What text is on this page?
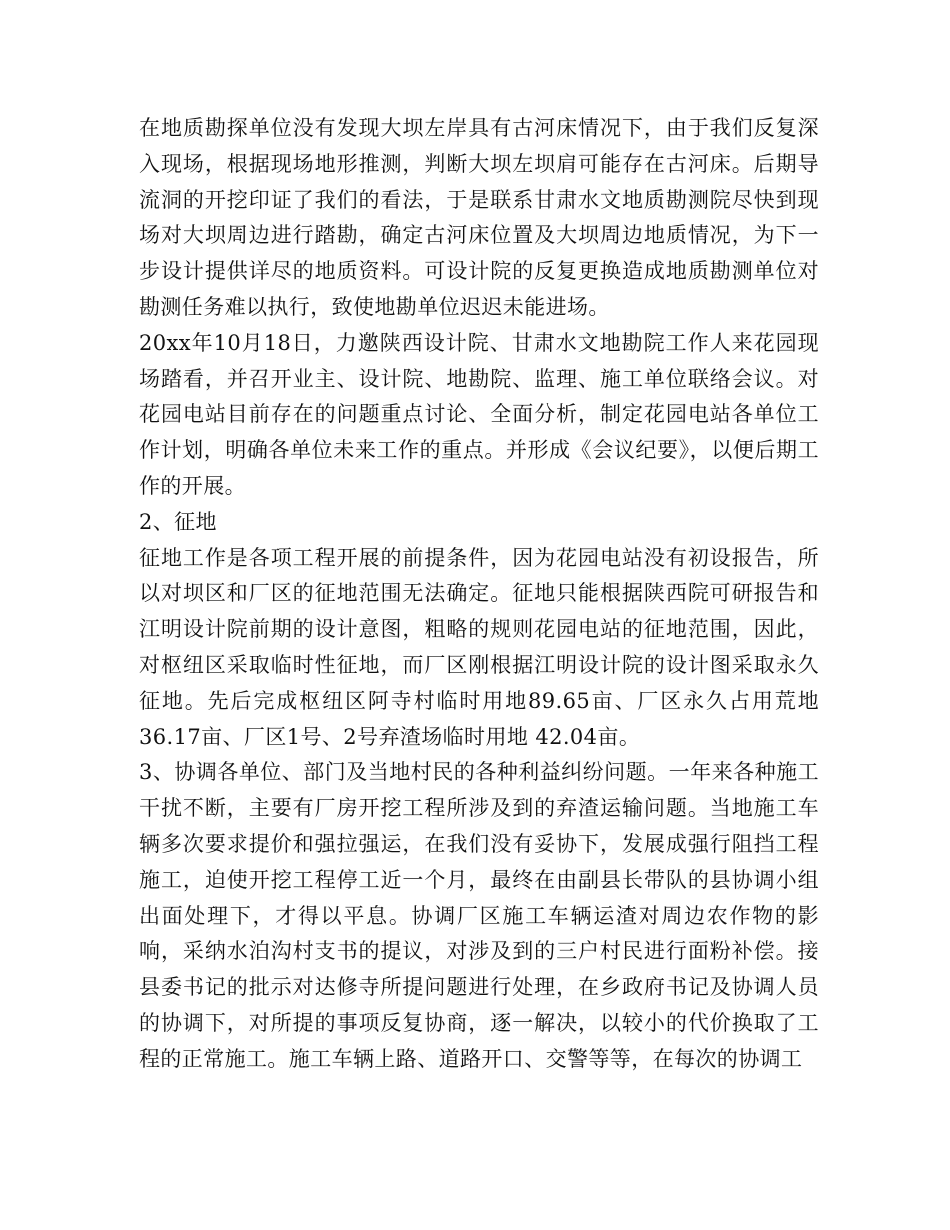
在地质勘探单位没有发现大坝左岸具有古河床情况下，由于我们反复深入现场，根据现场地形推测，判断大坝左坝肩可能存在古河床。后期导流洞的开挖印证了我们的看法，于是联系甘肃水文地质勘测院尽快到现场对大坝周边进行踏勘，确定古河床位置及大坝周边地质情况，为下一步设计提供详尽的地质资料。可设计院的反复更换造成地质勘测单位对勘测任务难以执行，致使地勘单位迟迟未能进场。

20xx年10月18日，力邀陕西设计院、甘肃水文地勘院工作人来花园现场踏看，并召开业主、设计院、地勘院、监理、施工单位联络会议。对花园电站目前存在的问题重点讨论、全面分析，制定花园电站各单位工作计划，明确各单位未来工作的重点。并形成《会议纪要》，以便后期工作的开展。

2、征地

征地工作是各项工程开展的前提条件，因为花园电站没有初设报告，所以对坝区和厂区的征地范围无法确定。征地只能根据陕西院可研报告和江明设计院前期的设计意图，粗略的规则花园电站的征地范围，因此，对枢纽区采取临时性征地，而厂区刚根据江明设计院的设计图采取永久征地。先后完成枢纽区阿寺村临时用地89.65亩、厂区永久占用荒地36.17亩、厂区1号、2号弃渣场临时用地 42.04亩。

3、协调各单位、部门及当地村民的各种利益纠纷问题。一年来各种施工干扰不断，主要有厂房开挖工程所涉及到的弃渣运输问题。当地施工车辆多次要求提价和强拉强运，在我们没有妥协下，发展成强行阻挡工程施工，迫使开挖工程停工近一个月，最终在由副县长带队的县协调小组出面处理下，才得以平息。协调厂区施工车辆运渣对周边农作物的影响，采纳水泊沟村支书的提议，对涉及到的三户村民进行面粉补偿。接县委书记的批示对达修寺所提问题进行处理，在乡政府书记及协调人员的协调下，对所提的事项反复协商，逐一解决，以较小的代价换取了工程的正常施工。施工车辆上路、道路开口、交警等等，在每次的协调工
